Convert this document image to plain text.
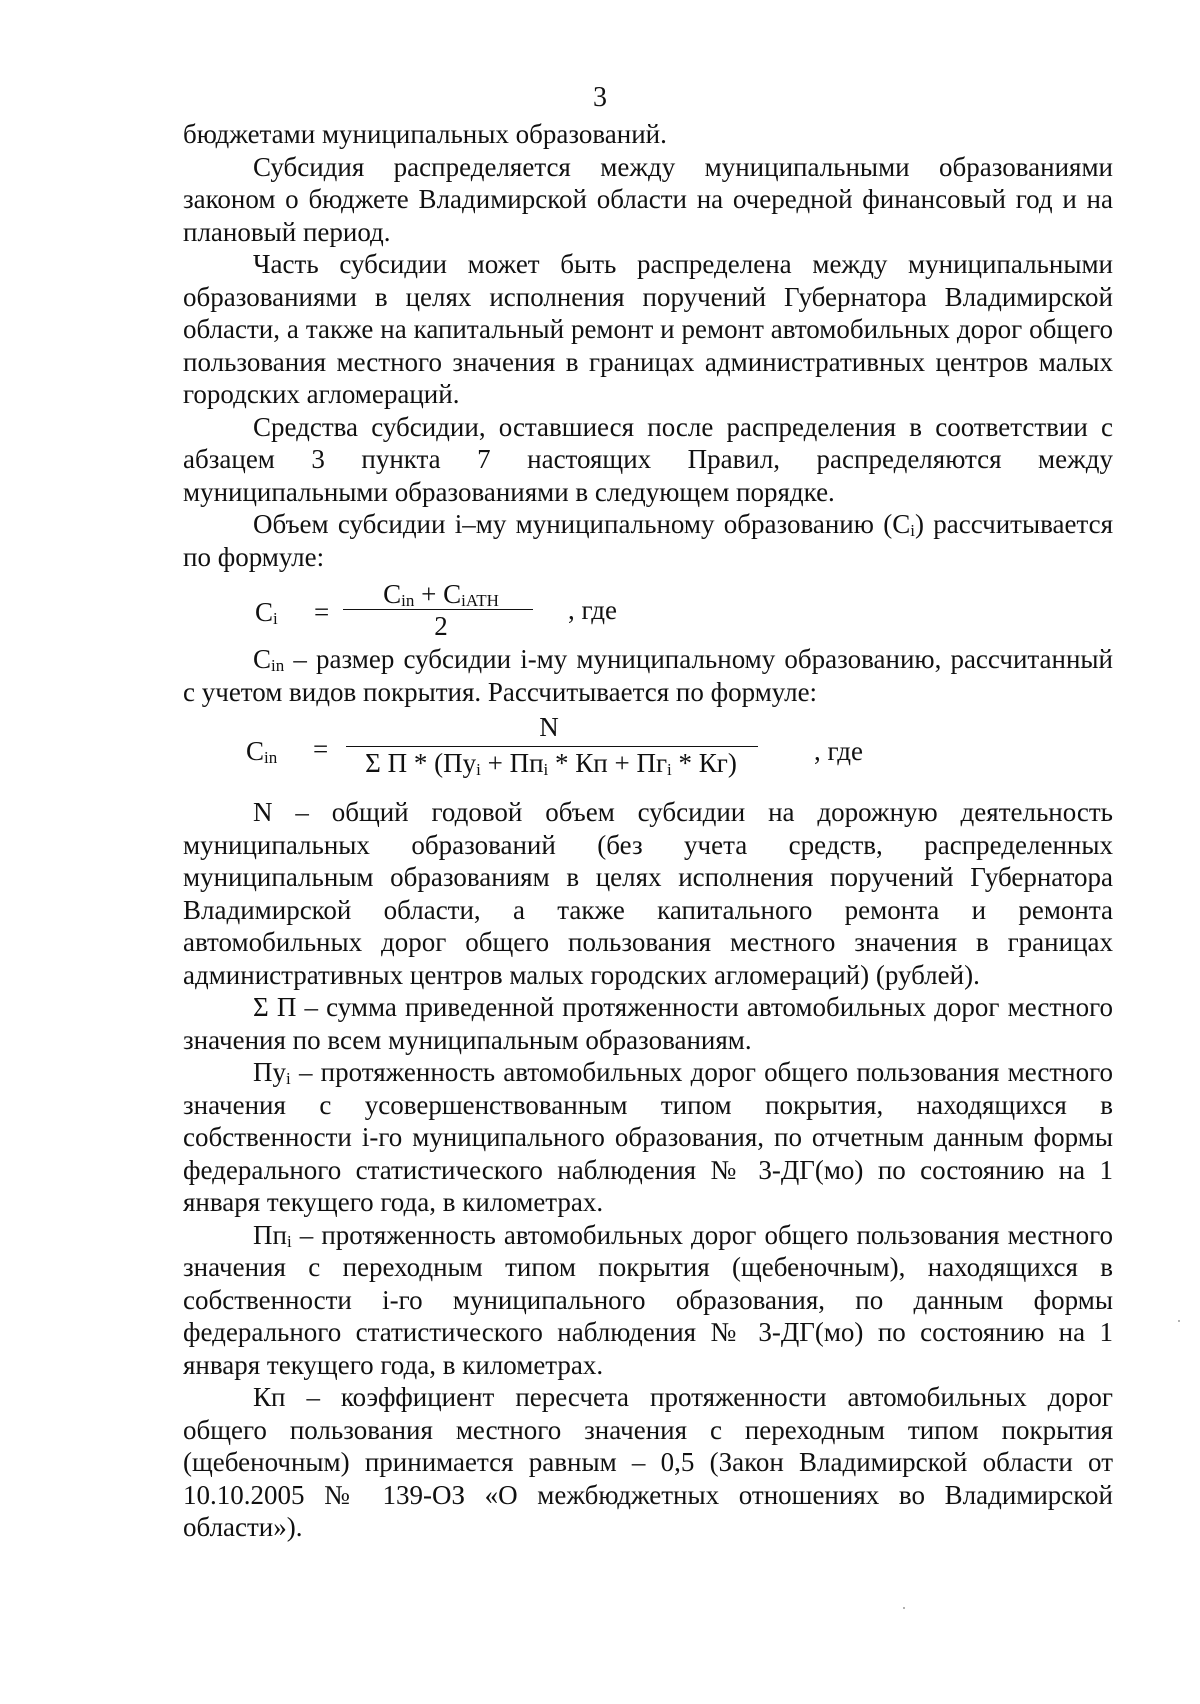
3

бюджетами муниципальных образований.

Субсидия распределяется между муниципальными образованиями законом о бюджете Владимирской области на очередной финансовый год и на плановый период.

Часть субсидии может быть распределена между муниципальными образованиями в целях исполнения поручений Губернатора Владимирской области, а также на капитальный ремонт и ремонт автомобильных дорог общего пользования местного значения в границах административных центров малых городских агломераций.

Средства субсидии, оставшиеся после распределения в соответствии с абзацем 3 пункта 7 настоящих Правил, распределяются между муниципальными образованиями в следующем порядке.

Объем субсидии i–му муниципальному образованию $(C_i)$ рассчитывается по формуле:

$C_i$ =
$C_{in} + C_{iATH}$
2
, где

$C_{in}$ – размер субсидии i-му муниципальному образованию, рассчитанный с учетом видов покрытия. Рассчитывается по формуле:

$C_{in}$ =
N
Σ $П * (Пу_i + Пп_i$ * Кп + $Пг_i * Кг$)	, где

N – общий годовой объем субсидии на дорожную деятельность муниципальных образований (без учета средств, распределенных муниципальным образованиям в целях исполнения поручений Губернатора Владимирской области, а также капитального ремонта и ремонта автомобильных дорог общего пользования местного значения в границах административных центров малых городских агломераций) (рублей).

Σ П – сумма приведенной протяженности автомобильных дорог местного значения по всем муниципальным образованиям.

$Пу_i$ – протяженность автомобильных дорог общего пользования местного значения с усовершенствованным типом покрытия, находящихся в собственности i-го муниципального образования, по отчетным данным формы федерального статистического наблюдения № 3-ДГ(мо) по состоянию на 1 января текущего года, в километрах.

$Пп_i$ – протяженность автомобильных дорог общего пользования местного значения с переходным типом покрытия (щебеночным), находящихся в собственности i-го муниципального образования, по данным формы федерального статистического наблюдения № 3-ДГ(мо) по состоянию на 1 января текущего года, в километрах.

Кп – коэффициент пересчета протяженности автомобильных дорог общего пользования местного значения с переходным типом покрытия (щебеночным) принимается равным – 0,5 (Закон Владимирской области от 10.10.2005 № 139-ОЗ «О межбюджетных отношениях во Владимирской области»).
